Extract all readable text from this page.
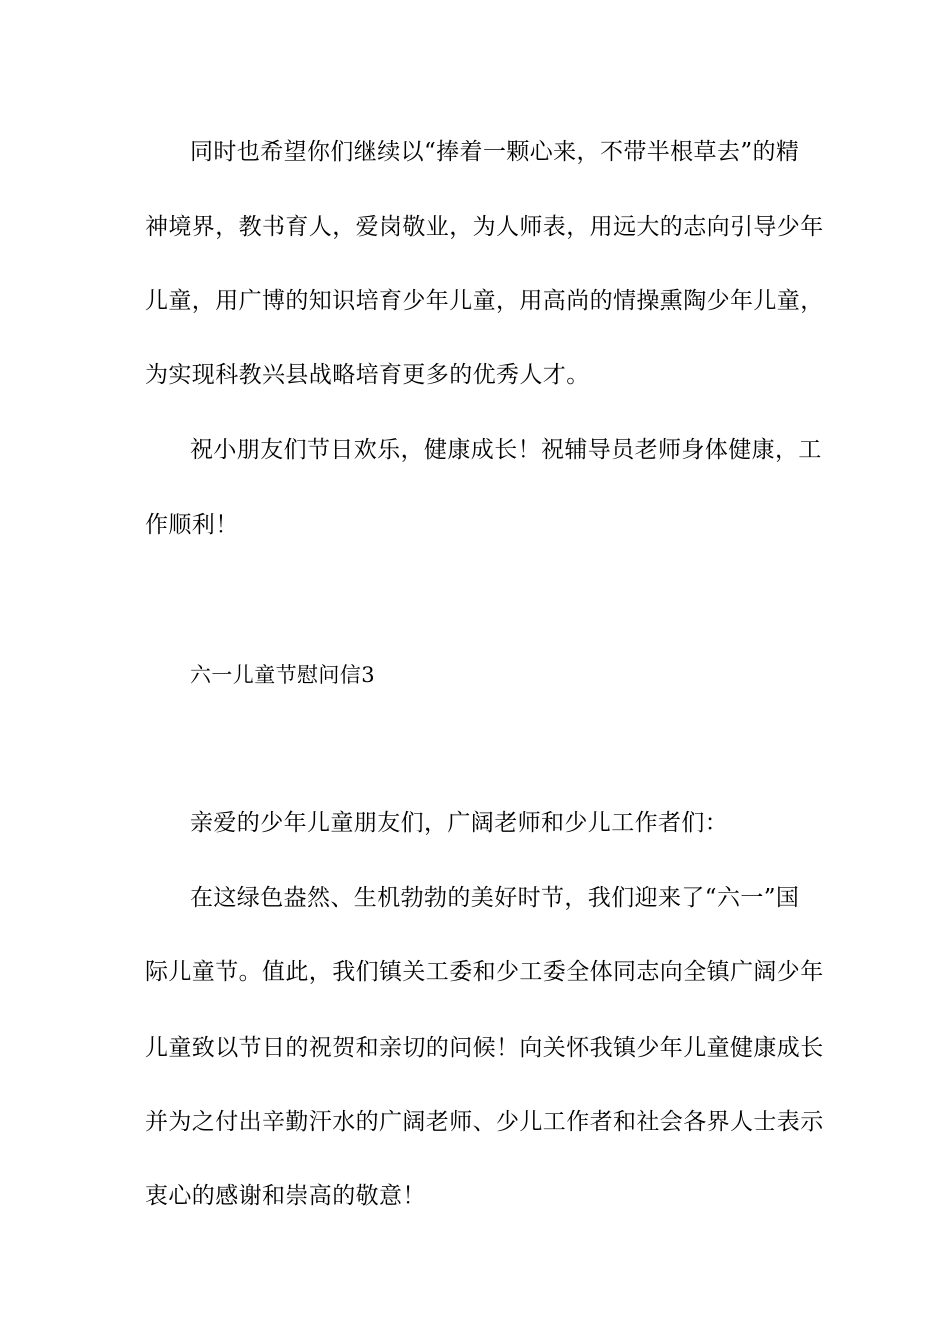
同时也希望你们继续以“捧着一颗心来，不带半根草去”的精
神境界，教书育人，爱岗敬业，为人师表，用远大的志向引导少年
儿童，用广博的知识培育少年儿童，用高尚的情操熏陶少年儿童，
为实现科教兴县战略培育更多的优秀人才。
祝小朋友们节日欢乐，健康成长！祝辅导员老师身体健康，工
作顺利！
六一儿童节慰问信3
亲爱的少年儿童朋友们，广阔老师和少儿工作者们：
在这绿色盎然、生机勃勃的美好时节，我们迎来了“六一”国
际儿童节。值此，我们镇关工委和少工委全体同志向全镇广阔少年
儿童致以节日的祝贺和亲切的问候！向关怀我镇少年儿童健康成长
并为之付出辛勤汗水的广阔老师、少儿工作者和社会各界人士表示
衷心的感谢和崇高的敬意！
